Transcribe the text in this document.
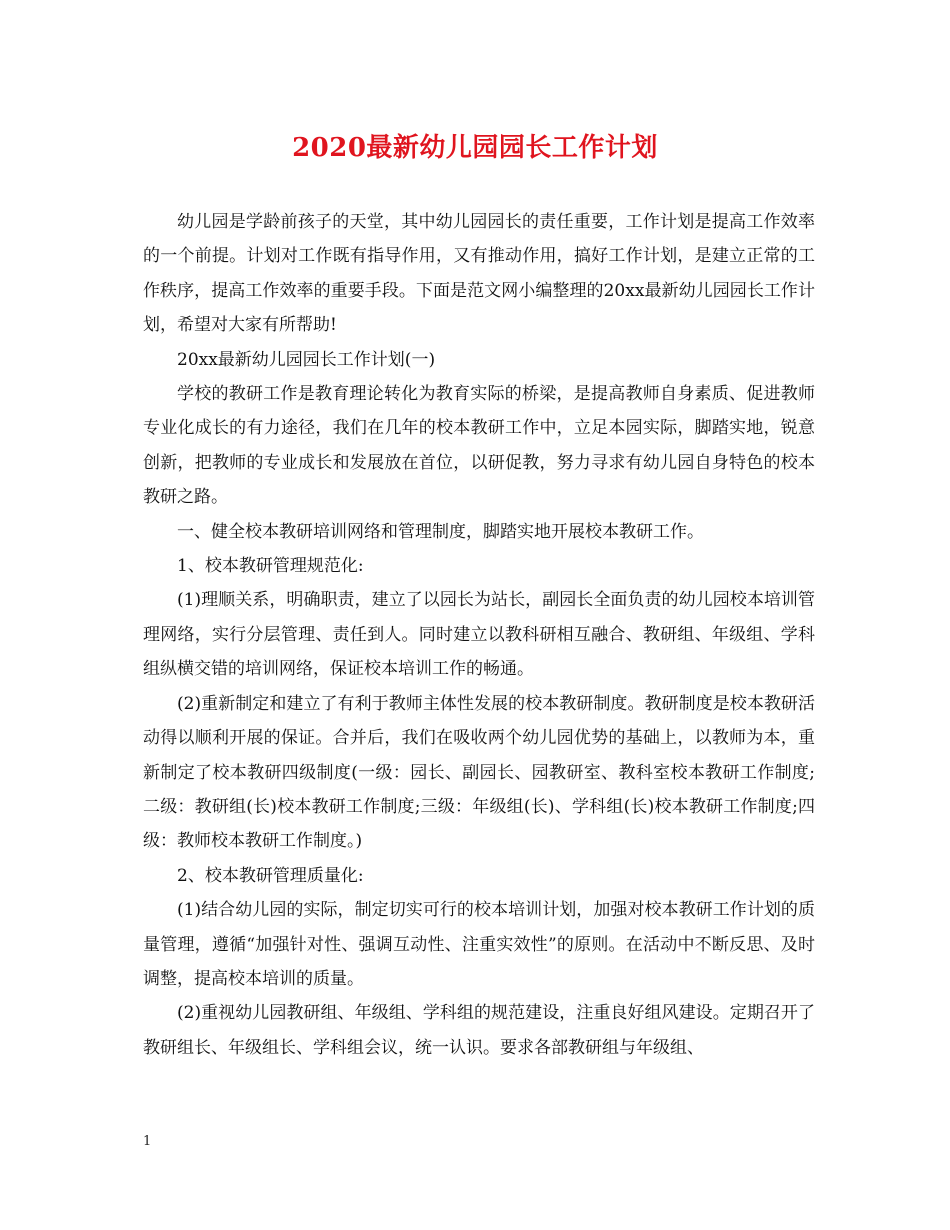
2020最新幼儿园园长工作计划

幼儿园是学龄前孩子的天堂，其中幼儿园园长的责任重要，工作计划是提高工作效率的一个前提。计划对工作既有指导作用，又有推动作用，搞好工作计划，是建立正常的工作秩序，提高工作效率的重要手段。下面是范文网小编整理的20xx最新幼儿园园长工作计划，希望对大家有所帮助!

20xx最新幼儿园园长工作计划(一)

学校的教研工作是教育理论转化为教育实际的桥梁，是提高教师自身素质、促进教师专业化成长的有力途径，我们在几年的校本教研工作中，立足本园实际，脚踏实地，锐意创新，把教师的专业成长和发展放在首位，以研促教，努力寻求有幼儿园自身特色的校本教研之路。

一、健全校本教研培训网络和管理制度，脚踏实地开展校本教研工作。

1、校本教研管理规范化:

(1)理顺关系，明确职责，建立了以园长为站长，副园长全面负责的幼儿园校本培训管理网络，实行分层管理、责任到人。同时建立以教科研相互融合、教研组、年级组、学科组纵横交错的培训网络，保证校本培训工作的畅通。

(2)重新制定和建立了有利于教师主体性发展的校本教研制度。教研制度是校本教研活动得以顺利开展的保证。合并后，我们在吸收两个幼儿园优势的基础上，以教师为本，重新制定了校本教研四级制度(一级：园长、副园长、园教研室、教科室校本教研工作制度;二级：教研组(长)校本教研工作制度;三级：年级组(长)、学科组(长)校本教研工作制度;四级：教师校本教研工作制度。)

2、校本教研管理质量化:

(1)结合幼儿园的实际，制定切实可行的校本培训计划，加强对校本教研工作计划的质量管理，遵循“加强针对性、强调互动性、注重实效性”的原则。在活动中不断反思、及时调整，提高校本培训的质量。

(2)重视幼儿园教研组、年级组、学科组的规范建设，注重良好组风建设。定期召开了教研组长、年级组长、学科组会议，统一认识。要求各部教研组与年级组、

1
